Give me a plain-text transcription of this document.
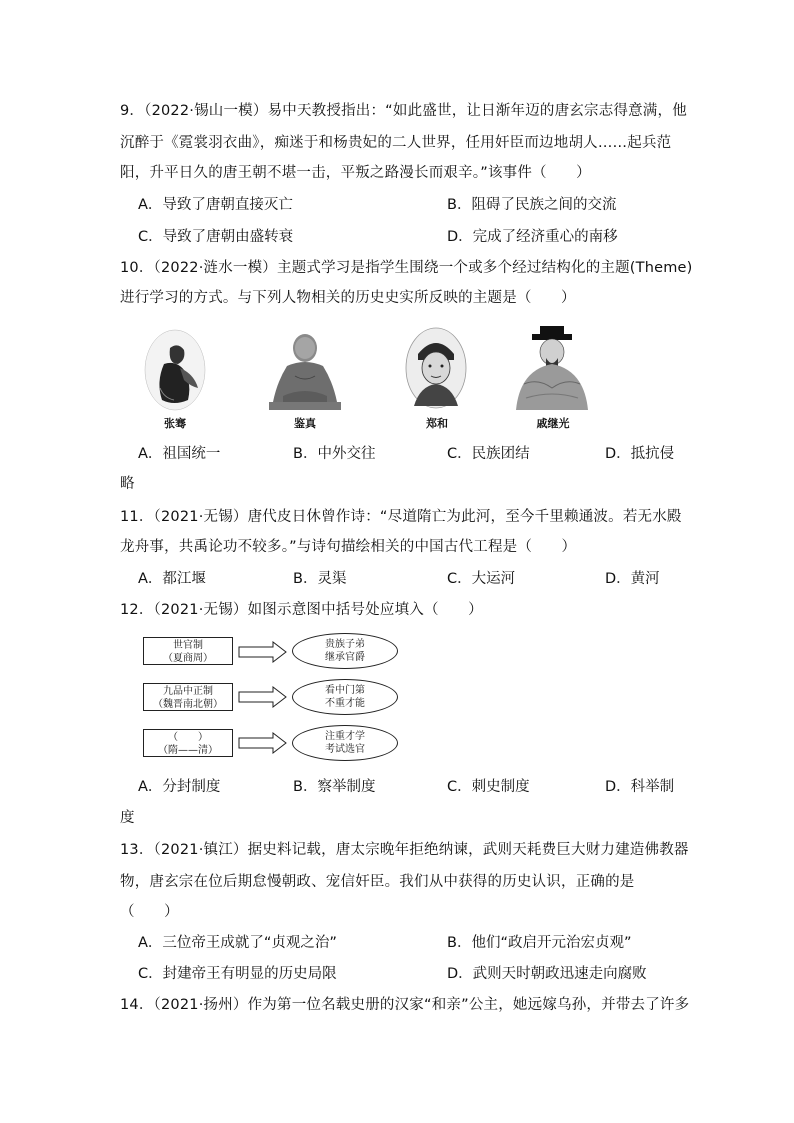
9．（2022·锡山一模）易中天教授指出：“如此盛世，让日渐年迈的唐玄宗志得意满，他
沉醉于《霓裳羽衣曲》，痴迷于和杨贵妃的二人世界，任用奸臣而边地胡人……起兵范
阳，升平日久的唐王朝不堪一击，平叛之路漫长而艰辛。”该事件（　　）
A．导致了唐朝直接灭亡	B．阻碍了民族之间的交流
C．导致了唐朝由盛转衰	D．完成了经济重心的南移
10．（2022·涟水一模）主题式学习是指学生围绕一个或多个经过结构化的主题(Theme)
进行学习的方式。与下列人物相关的历史史实所反映的主题是（　　）
张骞	鉴真	郑和	戚继光
A．祖国统一	B．中外交往	C．民族团结	D．抵抗侵
略
11．（2021·无锡）唐代皮日休曾作诗：“尽道隋亡为此河，至今千里赖通波。若无水殿
龙舟事，共禹论功不较多。”与诗句描绘相关的中国古代工程是（　　）
A．都江堰	B．灵渠	C．大运河	D．黄河
12．（2021·无锡）如图示意图中括号处应填入（　　）
世官制
（夏商周）
贵族子弟
继承官爵
九品中正制
（魏晋南北朝）
看中门第
不重才能
（　　）
（隋——清）
注重才学
考试选官
A．分封制度	B．察举制度	C．刺史制度	D．科举制
度
13．（2021·镇江）据史料记载，唐太宗晚年拒绝纳谏，武则天耗费巨大财力建造佛教器
物，唐玄宗在位后期怠慢朝政、宠信奸臣。我们从中获得的历史认识，正确的是
（　　）
A．三位帝王成就了“贞观之治”	B．他们“政启开元治宏贞观”
C．封建帝王有明显的历史局限	D．武则天时朝政迅速走向腐败
14．（2021·扬州）作为第一位名载史册的汉家“和亲”公主，她远嫁乌孙，并带去了许多
